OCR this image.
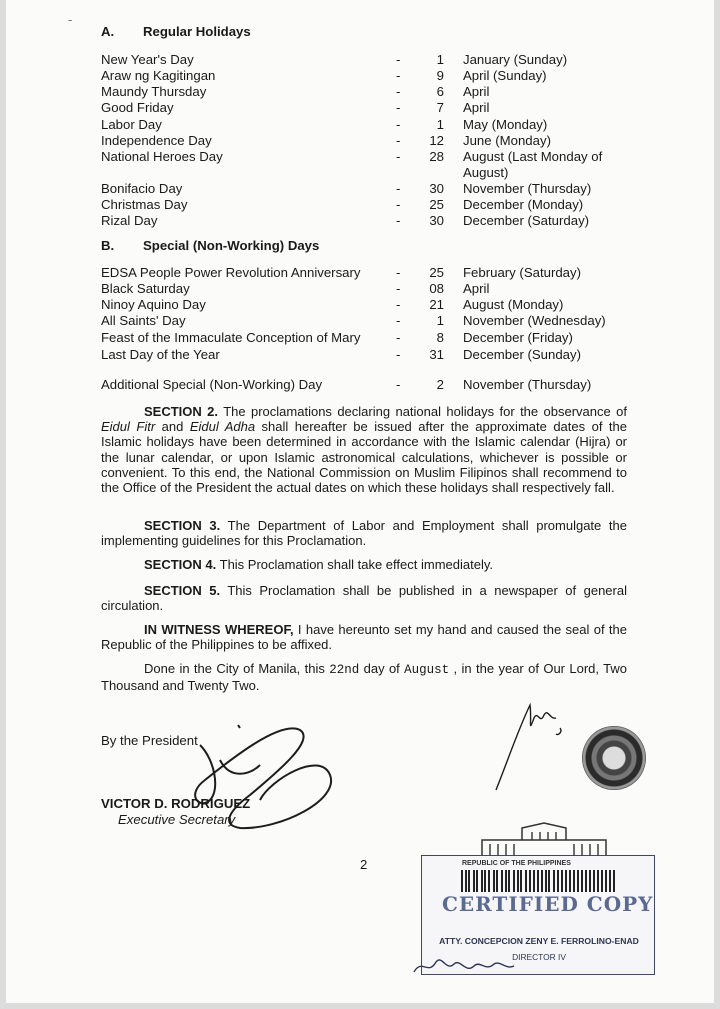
-
A. Regular Holidays
New Year's Day	-	1 January (Sunday)
Araw ng Kagitingan	-	9 April (Sunday)
Maundy Thursday	-	6 April
Good Friday	-	7 April
Labor Day	-	1 May (Monday)
Independence Day	-	12 June (Monday)
National Heroes Day	-	28 August (Last Monday of
August)
Bonifacio Day	-	30 November (Thursday)
Christmas Day	-	25 December (Monday)
Rizal Day	-	30 December (Saturday)
B. Special (Non-Working) Days
EDSA People Power Revolution Anniversary	-	25 February (Saturday)
Black Saturday	-	08 April
Ninoy Aquino Day	-	21 August (Monday)
All Saints' Day	-	1 November (Wednesday)
Feast of the Immaculate Conception of Mary	-	8 December (Friday)
Last Day of the Year	-	31 December (Sunday)
Additional Special (Non-Working) Day	-	2 November (Thursday)
SECTION 2. The proclamations declaring national holidays for the observance of Eidul Fitr and Eidul Adha shall hereafter be issued after the approximate dates of the Islamic holidays have been determined in accordance with the Islamic calendar (Hijra) or the lunar calendar, or upon Islamic astronomical calculations, whichever is possible or convenient. To this end, the National Commission on Muslim Filipinos shall recommend to the Office of the President the actual dates on which these holidays shall respectively fall.
SECTION 3. The Department of Labor and Employment shall promulgate the implementing guidelines for this Proclamation.
SECTION 4. This Proclamation shall take effect immediately.
SECTION 5. This Proclamation shall be published in a newspaper of general circulation.
IN WITNESS WHEREOF, I have hereunto set my hand and caused the seal of the Republic of the Philippines to be affixed.
Done in the City of Manila, this 22nd day of August , in the year of Our Lord, Two Thousand and Twenty Two.
By the President
VICTOR D. RODRIGUEZ
Executive Secretary
2	REPUBLIC OF THE PHILIPPINES
CERTIFIED COPY
ATTY. CONCEPCION ZENY E. FERROLINO-ENAD
DIRECTOR IV
